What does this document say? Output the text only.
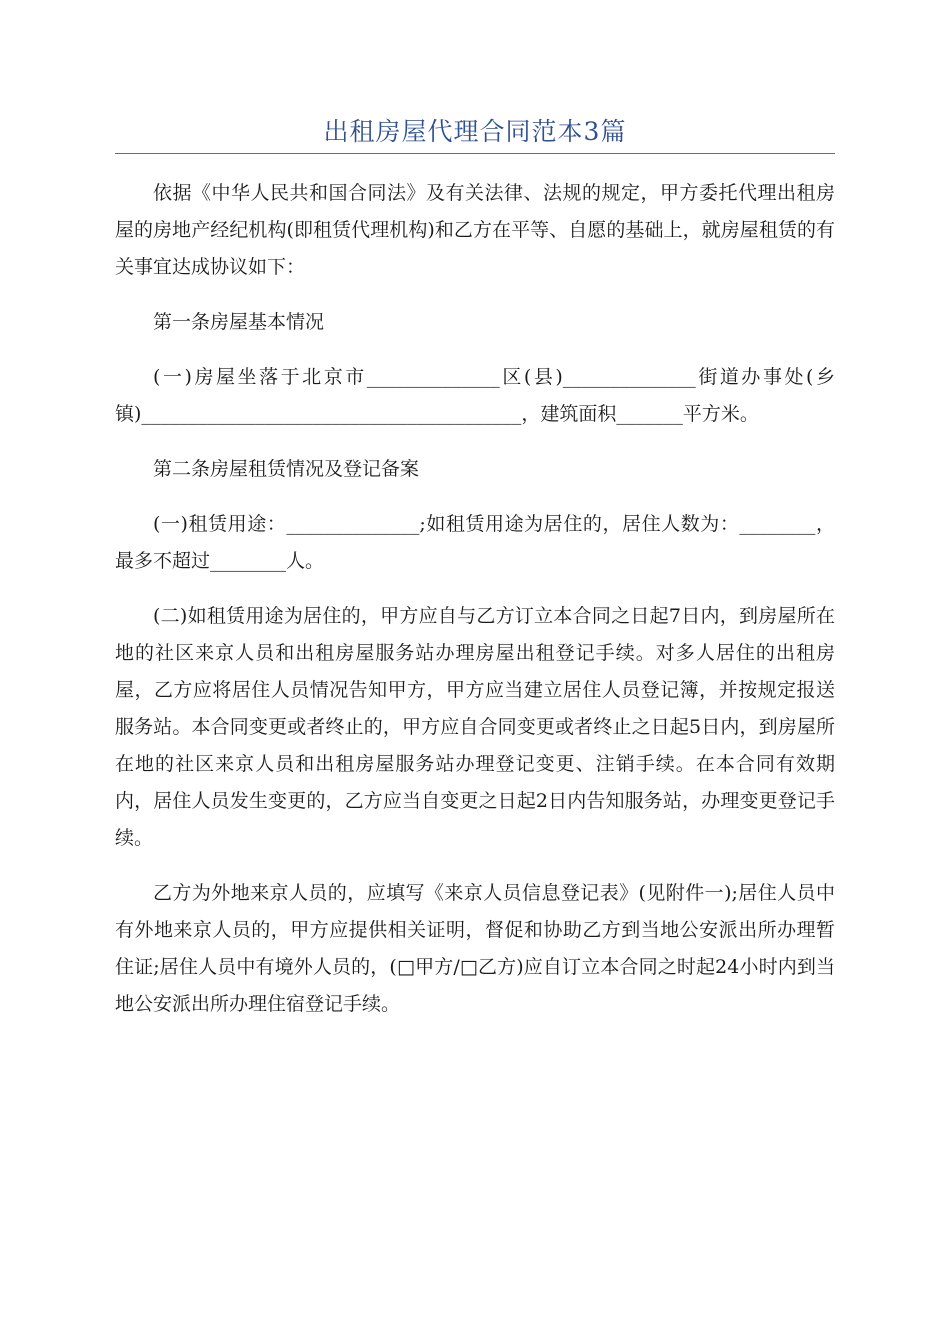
出租房屋代理合同范本3篇

依据《中华人民共和国合同法》及有关法律、法规的规定，甲方委托代理出租房屋的房地产经纪机构(即租赁代理机构)和乙方在平等、自愿的基础上，就房屋租赁的有关事宜达成协议如下：

第一条房屋基本情况

(一)房屋坐落于北京市______________区(县)______________街道办事处(乡镇)________________________________________，建筑面积_______平方米。

第二条房屋租赁情况及登记备案

(一)租赁用途：______________;如租赁用途为居住的，居住人数为：________，最多不超过________人。

(二)如租赁用途为居住的，甲方应自与乙方订立本合同之日起7日内，到房屋所在地的社区来京人员和出租房屋服务站办理房屋出租登记手续。对多人居住的出租房屋，乙方应将居住人员情况告知甲方，甲方应当建立居住人员登记簿，并按规定报送服务站。本合同变更或者终止的，甲方应自合同变更或者终止之日起5日内，到房屋所在地的社区来京人员和出租房屋服务站办理登记变更、注销手续。在本合同有效期内，居住人员发生变更的，乙方应当自变更之日起2日内告知服务站，办理变更登记手续。

乙方为外地来京人员的，应填写《来京人员信息登记表》(见附件一);居住人员中有外地来京人员的，甲方应提供相关证明，督促和协助乙方到当地公安派出所办理暂住证;居住人员中有境外人员的，(□甲方/□乙方)应自订立本合同之时起24小时内到当地公安派出所办理住宿登记手续。
